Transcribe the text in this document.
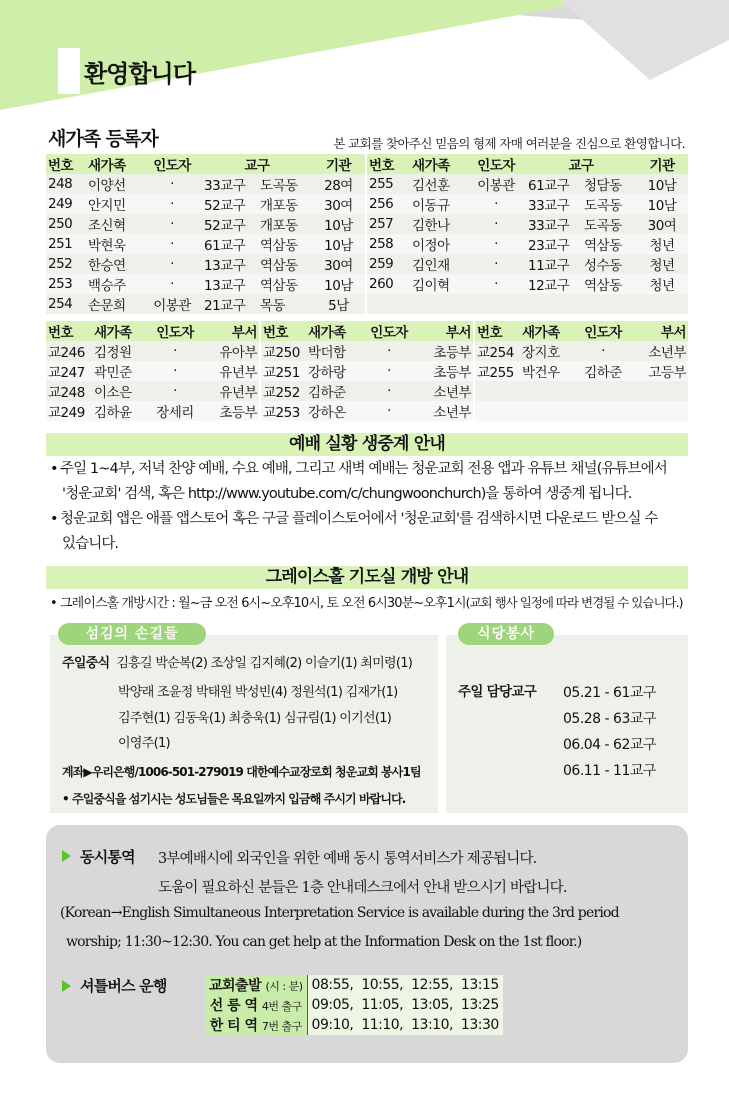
환영합니다
새가족 등록자	본 교회를 찾아주신 믿음의 형제 자매 여러분을 진심으로 환영합니다.
번호	새가족	인도자	교구		기관	번호	새가족	인도자	교구		기관
248	이양선	·	33교구	도곡동	28여	255	김선훈	이봉관	61교구	청담동	10남
249	안지민	·	52교구	개포동	30여	256	이동규	·	33교구	도곡동	10남
250	조신혁	·	52교구	개포동	10남	257	김한나	·	33교구	도곡동	30여
251	박현욱	·	61교구	역삼동	10남	258	이정아	·	23교구	역삼동	청년
252	한승연	·	13교구	역삼동	30여	259	김인재	·	11교구	성수동	청년
253	백승주	·	13교구	역삼동	10남	260	김이혁	·	12교구	역삼동	청년
254	손문희	이봉관	21교구	목동	5남						
번호	새가족	인도자	부서	번호	새가족	인도자	부서	번호	새가족	인도자	부서
교246	김정원	·	유아부	교250	박더함	·	초등부	교254	장지호	·	소년부
교247	곽민준	·	유년부	교251	강하랑	·	초등부	교255	박건우	김하준	고등부
교248	이소은	·	유년부	교252	김하준	·	소년부				
교249	김하윤	장세리	초등부	교253	강하온	·	소년부				
예배 실황 생중계 안내
• 주일 1~4부, 저녁 찬양 예배, 수요 예배, 그리고 새벽 예배는 청운교회 전용 앱과 유튜브 채널(유튜브에서
'청운교회' 검색, 혹은 http://www.youtube.com/c/chungwoonchurch)을 통하여 생중계 됩니다.
• 청운교회 앱은 애플 앱스토어 혹은 구글 플레이스토어에서 '청운교회'를 검색하시면 다운로드 받으실 수
있습니다.
그레이스홀 기도실 개방 안내
• 그레이스홀 개방시간 : 월~금 오전 6시~오후10시, 토 오전 6시30분~오후1시(교회 행사 일정에 따라 변경될 수 있습니다.)
섬김의 손길들
주일중식 김흥길 박순복(2) 조상일 김지혜(2) 이슬기(1) 최미령(1)
박양래 조윤정 박태원 박성빈(4) 정원석(1) 김재가(1)
김주현(1) 김동욱(1) 최충욱(1) 심규림(1) 이기선(1)
이영주(1)
계좌▶우리은행/1006-501-279019 대한예수교장로회 청운교회 봉사1팀
• 주일중식을 섬기시는 성도님들은 목요일까지 입금해 주시기 바랍니다.
식당봉사
주일 담당교구 05.21 - 61교구
05.28 - 63교구
06.04 - 62교구
06.11 - 11교구
동시통역 3부예배시에 외국인을 위한 예배 동시 통역서비스가 제공됩니다.
도움이 필요하신 분들은 1층 안내데스크에서 안내 받으시기 바랍니다.
(Korean→English Simultaneous Interpretation Service is available during the 3rd period
worship; 11:30~12:30. You can get help at the Information Desk on the 1st floor.)
셔틀버스 운행	교회출발 (시 : 분)	08:55,	10:55,	12:55,	13:15
선 릉 역 4번 출구	09:05,	11:05,	13:05,	13:25
한 티 역 7번 출구	09:10,	11:10,	13:10,	13:30
